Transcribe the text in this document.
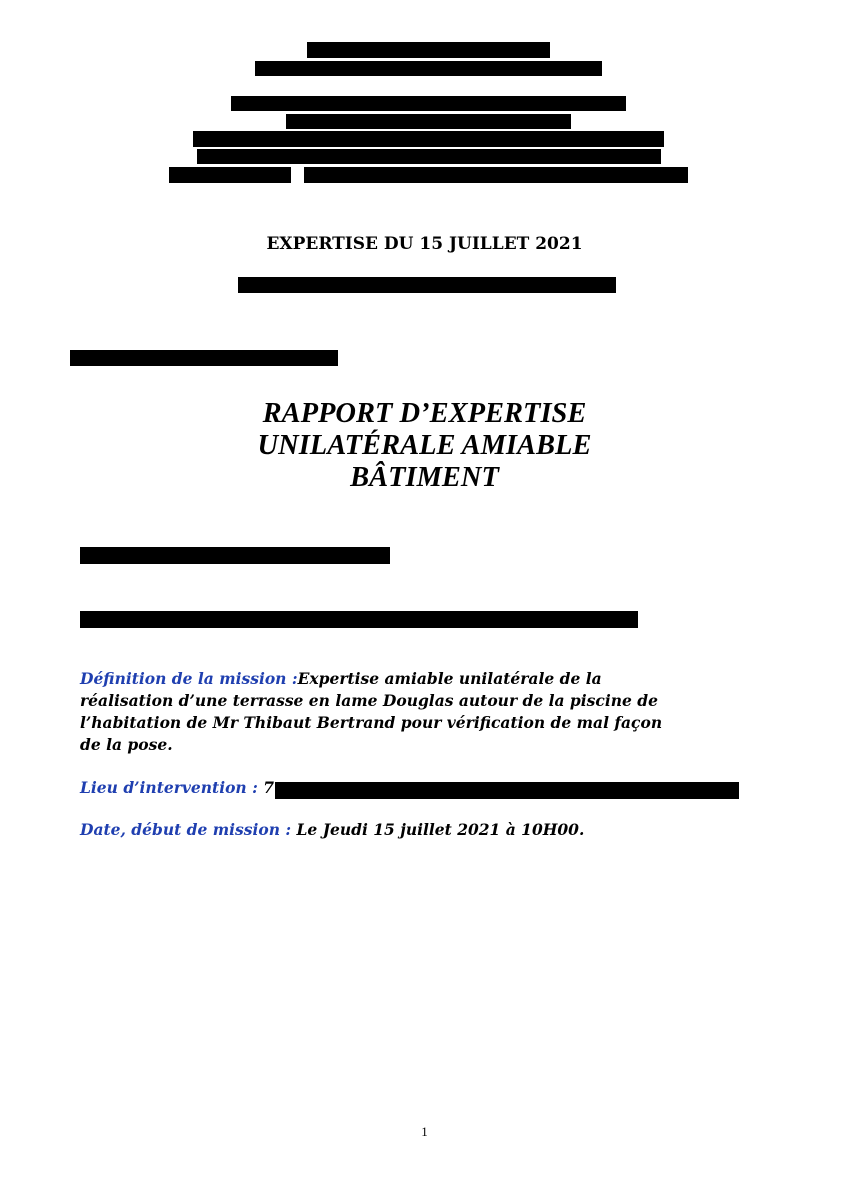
EXPERTISE DU 15 JUILLET 2021

RAPPORT D’EXPERTISE
UNILATÉRALE AMIABLE
BÂTIMENT
Définition de la mission :Expertise amiable unilatérale de la
réalisation d’une terrasse en lame Douglas autour de la piscine de
l’habitation de Mr Thibaut Bertrand pour vérification de mal façon
de la pose.
Lieu d’intervention : 7
Date, début de mission : Le Jeudi 15 juillet 2021 à 10H00.

1
